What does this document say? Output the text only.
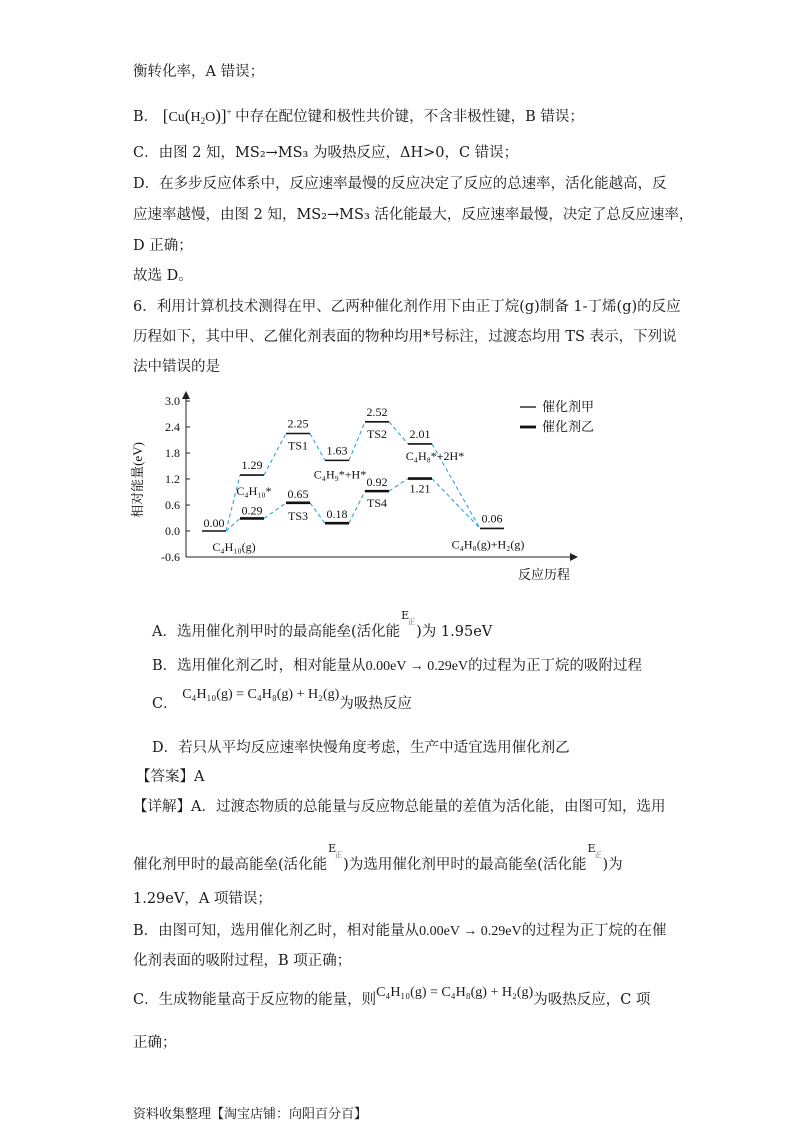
衡转化率，A 错误；
B． $[Cu(H_2O)]^+$ 中存在配位键和极性共价键，不含非极性键，B 错误；
C．由图 2 知，MS₂→MS₃ 为吸热反应，ΔH>0，C 错误；
D．在多步反应体系中，反应速率最慢的反应决定了反应的总速率，活化能越高，反
应速率越慢，由图 2 知，MS₂→MS₃ 活化能最大，反应速率最慢，决定了总反应速率，
D 正确；
故选 D。
6．利用计算机技术测得在甲、乙两种催化剂作用下由正丁烷(g)制备 1-丁烯(g)的反应
历程如下，其中甲、乙催化剂表面的物种均用*号标注，过渡态均用 TS 表示，下列说
法中错误的是
3.0
2.4
1.8
1.2
0.6
0.0
-0.6
相对能量(eV)
反应历程
0.00
1.29
2.25
1.63
2.52
2.01
0.06
0.29
0.65
0.18
0.92 1.21
C₄H₁₀(g)
C₄H₁₀*
TS1
TS3
C₄H₉*+H*
TS2
TS4
C₄H₈*+2H*
C₄H₈(g)+H₂(g)
催化剂甲
催化剂乙
A．选用催化剂甲时的最高能垒(活化能
E
正
)为 1.95eV
B．选用催化剂乙时，相对能量从0.00eV → 0.29eV的过程为正丁烷的吸附过程
C． C₄H₁₀(g) = C₄H₈(g) + H₂(g)为吸热反应
D．若只从平均反应速率快慢角度考虑，生产中适宜选用催化剂乙
【答案】A
【详解】A．过渡态物质的总能量与反应物总能量的差值为活化能，由图可知，选用
催化剂甲时的最高能垒(活化能
E
正
)为选用催化剂甲时的最高能垒(活化能
E
正
)为
1.29eV，A 项错误；
B．由图可知，选用催化剂乙时，相对能量从0.00eV → 0.29eV的过程为正丁烷的在催
化剂表面的吸附过程，B 项正确；
C．生成物能量高于反应物的能量，则C₄H₁₀(g) = C₄H₈(g) + H₂(g)为吸热反应，C 项
正确；
资料收集整理【淘宝店铺：向阳百分百】
